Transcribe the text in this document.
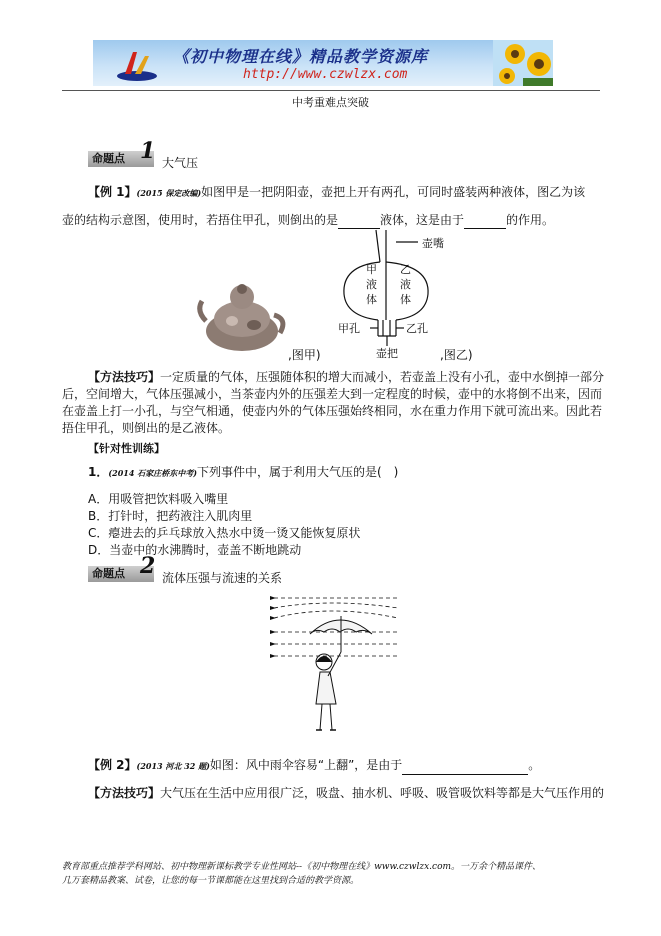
《初中物理在线》精品教学资源库
http://www.czwlzx.com
中考重难点突破
命题点 1 大气压
【例 1】(2015 保定改编)如图甲是一把阴阳壶，壶把上开有两孔，可同时盛装两种液体，图乙为该
壶的结构示意图，使用时，若捂住甲孔，则倒出的是	液体，这是由于	的作用。
,图甲)
壶嘴
甲液体
乙液体
甲孔	乙孔
壶把	,图乙)
【方法技巧】一定质量的气体，压强随体积的增大而减小，若壶盖上没有小孔，壶中水倒掉一部分
后，空间增大，气体压强减小，当茶壶内外的压强差大到一定程度的时候，壶中的水将倒不出来，因而
在壶盖上打一小孔，与空气相通，使壶内外的气体压强始终相同，水在重力作用下就可流出来。因此若
捂住甲孔，则倒出的是乙液体。
【针对性训练】
1．(2014 石家庄桥东中考)下列事件中，属于利用大气压的是(　)
A．用吸管把饮料吸入嘴里
B．打针时，把药液注入肌肉里
C．瘪进去的乒乓球放入热水中烫一烫又能恢复原状
D．当壶中的水沸腾时，壶盖不断地跳动
命题点 2 流体压强与流速的关系
【例 2】(2013 河北 32 题)如图：风中雨伞容易“上翻”，是由于	。
【方法技巧】大气压在生活中应用很广泛，吸盘、抽水机、呼吸、吸管吸饮料等都是大气压作用的
教育部重点推荐学科网站、初中物理新课标教学专业性网站--《初中物理在线》www.czwlzx.com。一万余个精品课件、
几万套精品教案、试卷，让您的每一节课都能在这里找到合适的教学资源。
